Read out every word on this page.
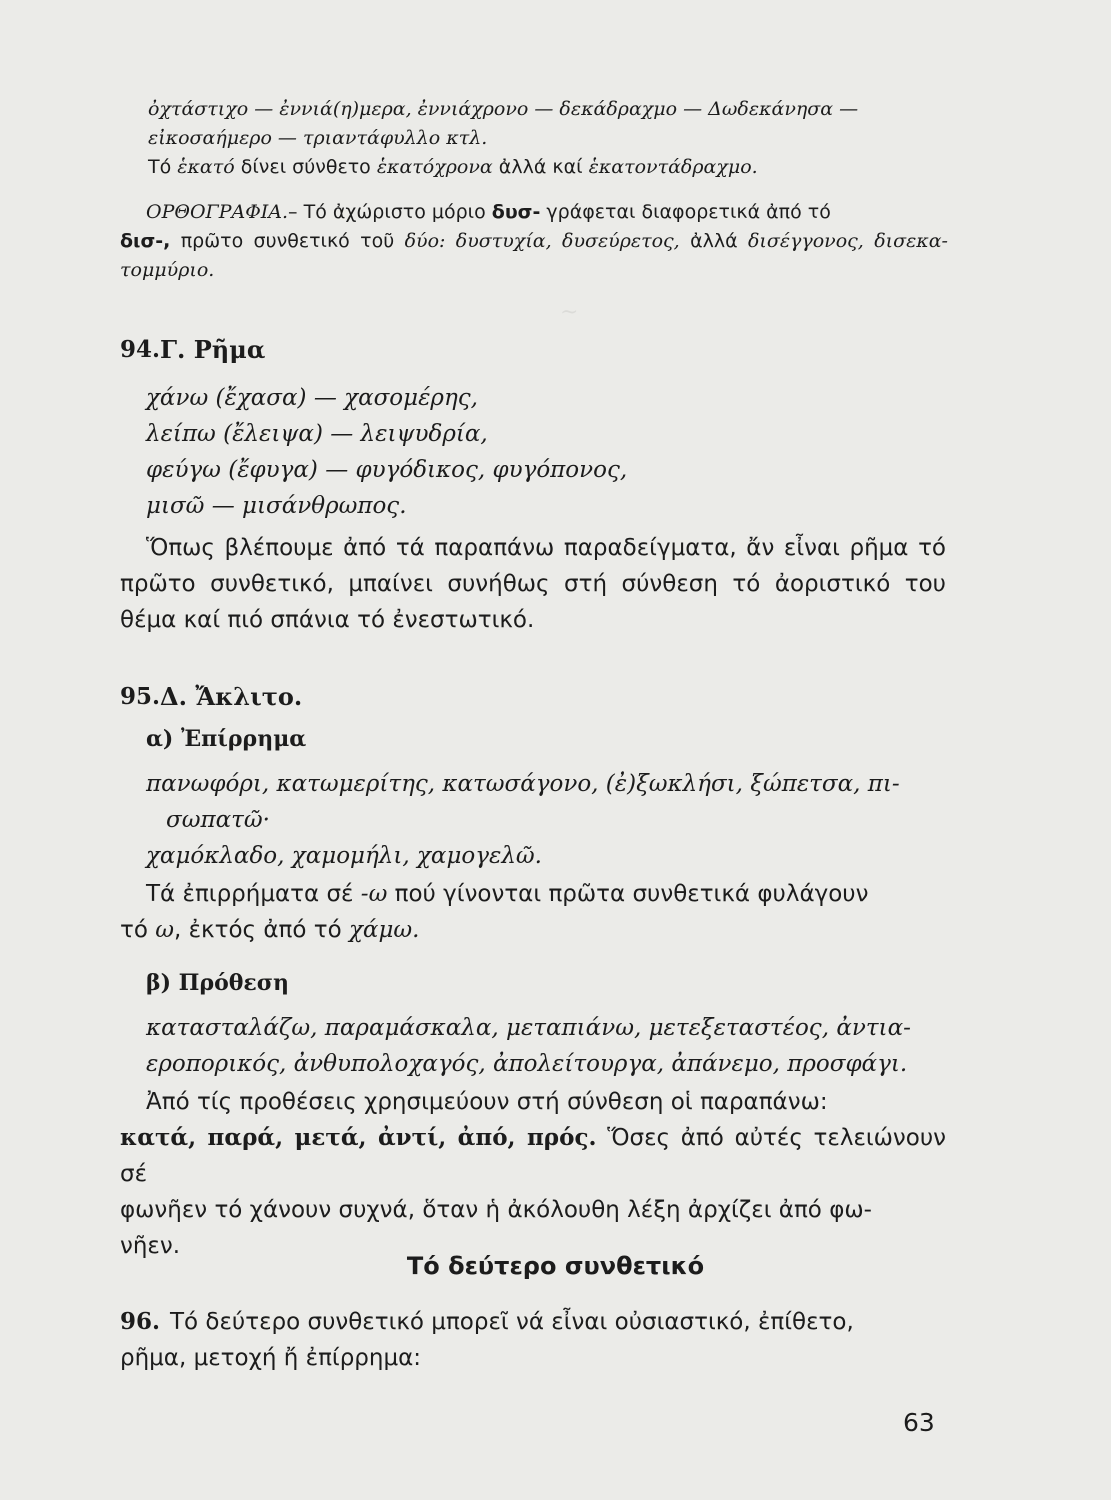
~

ὀχτάστιχο — ἐννιά(η)μερα, ἐννιάχρονο — δεκάδραχμο — Δωδεκάνησα —

εἰκοσαήμερο — τριαντάφυλλο κτλ.

Τό ἑκατό δίνει σύνθετο ἑκατόχρονα ἀλλά καί ἑκατοντάδραχμο.

ΟΡΘΟΓΡΑΦΙΑ.– Τό ἀχώριστο μόριο δυσ- γράφεται διαφορετικά ἀπό τό

δισ-, πρῶτο συνθετικό τοῦ δύο: δυστυχία, δυσεύρετος, ἀλλά δισέγγονος, δισεκα-

τομμύριο.

94. Γ. Ρῆμα
χάνω (ἔχασα) — χασομέρης,
λείπω (ἔλειψα) — λειψυδρία,
φεύγω (ἔφυγα) — φυγόδικος, φυγόπονος,
μισῶ — μισάνθρωπος.

Ὅπως βλέπουμε ἀπό τά παραπάνω παραδείγματα, ἄν εἶναι ρῆμα τό πρῶτο συνθετικό, μπαίνει συνήθως στή σύνθεση τό ἀοριστικό του θέμα καί πιό σπάνια τό ἐνεστωτικό.

95. Δ. Ἄκλιτο.
α) Ἐπίρρημα
πανωφόρι, κατωμερίτης, κατωσάγονο, (ἐ)ξωκλήσι, ξώπετσα, πι-
σωπατῶ·
χαμόκλαδο, χαμομήλι, χαμογελῶ.
Τά ἐπιρρήματα σέ -ω πού γίνονται πρῶτα συνθετικά φυλάγουν
τό ω, ἐκτός ἀπό τό χάμω.
β) Πρόθεση
κατασταλάζω, παραμάσκαλα, μεταπιάνω, μετεξεταστέος, ἀντια-
εροπορικός, ἀνθυπολοχαγός, ἀπολείτουργα, ἀπάνεμο, προσφάγι.
Ἀπό τίς προθέσεις χρησιμεύουν στή σύνθεση οἱ παραπάνω:
κατά, παρά, μετά, ἀντί, ἀπό, πρός. Ὅσες ἀπό αὐτές τελειώνουν σέ
φωνῆεν τό χάνουν συχνά, ὅταν ἡ ἀκόλουθη λέξη ἀρχίζει ἀπό φω-
νῆεν.
Τό δεύτερο συνθετικό
96. Τό δεύτερο συνθετικό μπορεῖ νά εἶναι οὐσιαστικό, ἐπίθετο,
ρῆμα, μετοχή ἤ ἐπίρρημα:
63
